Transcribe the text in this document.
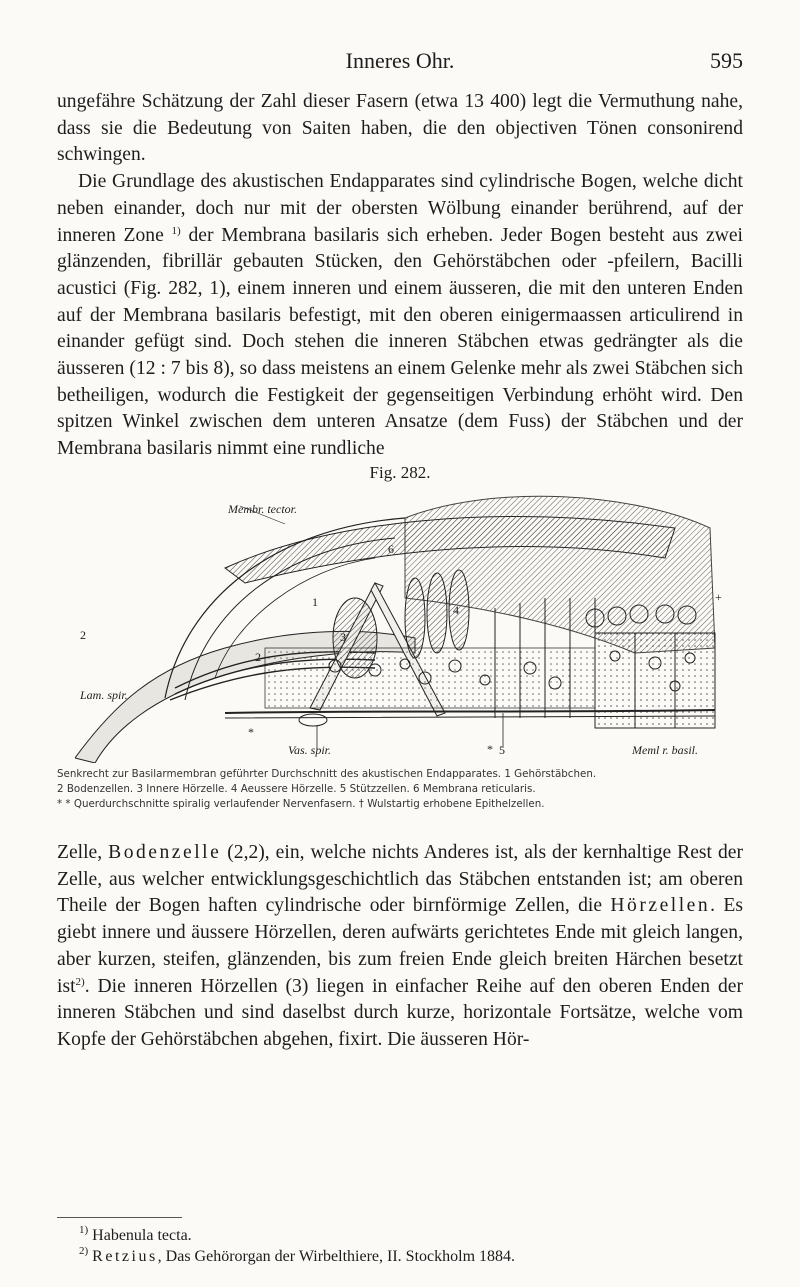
Inneres Ohr.	595

ungefähre Schätzung der Zahl dieser Fasern (etwa 13 400) legt die Vermuthung nahe, dass sie die Bedeutung von Saiten haben, die den objectiven Tönen consonirend schwingen.

Die Grundlage des akustischen Endapparates sind cylindrische Bogen, welche dicht neben einander, doch nur mit der obersten Wölbung einander berührend, auf der inneren Zone $^{1)}$ der Membrana basilaris sich erheben. Jeder Bogen besteht aus zwei glänzenden, fibrillär gebauten Stücken, den Gehörstäbchen oder -pfeilern, Bacilli acustici (Fig. 282, 1), einem inneren und einem äusseren, die mit den unteren Enden auf der Membrana basilaris befestigt, mit den oberen einigermaassen articulirend in einander gefügt sind. Doch stehen die inneren Stäbchen etwas gedrängter als die äusseren (12 : 7 bis 8), so dass meistens an einem Gelenke mehr als zwei Stäbchen sich betheiligen, wodurch die Festigkeit der gegenseitigen Verbindung erhöht wird. Den spitzen Winkel zwischen dem unteren Ansatze (dem Fuss) der Stäbchen und der Membrana basilaris nimmt eine rundliche

Fig. 282.
Membr. tector.
Lam. spir.
Vas. spir.	Meml r. basil.
*
*
+
1
2
2
3
4
5
6
Senkrecht zur Basilarmembran geführter Durchschnitt des akustischen Endapparates. 1 Gehörstäbchen.
2 Bodenzellen. 3 Innere Hörzelle. 4 Aeussere Hörzelle. 5 Stützzellen. 6 Membrana reticularis.
* * Querdurchschnitte spiralig verlaufender Nervenfasern. † Wulstartig erhobene Epithelzellen.

Zelle, Bodenzelle (2,2), ein, welche nichts Anderes ist, als der kernhaltige Rest der Zelle, aus welcher entwicklungsgeschichtlich das Stäbchen entstanden ist; am oberen Theile der Bogen haften cylindrische oder birnförmige Zellen, die Hörzellen. Es giebt innere und äussere Hörzellen, deren aufwärts gerichtetes Ende mit gleich langen, aber kurzen, steifen, glänzenden, bis zum freien Ende gleich breiten Härchen besetzt ist$^{2)}$. Die inneren Hörzellen (3) liegen in einfacher Reihe auf den oberen Enden der inneren Stäbchen und sind daselbst durch kurze, horizontale Fortsätze, welche vom Kopfe der Gehörstäbchen abgehen, fixirt. Die äusseren Hör-

$^{1)}$ Habenula tecta.
$^{2)}$ Retzius, Das Gehörorgan der Wirbelthiere, II. Stockholm 1884.
